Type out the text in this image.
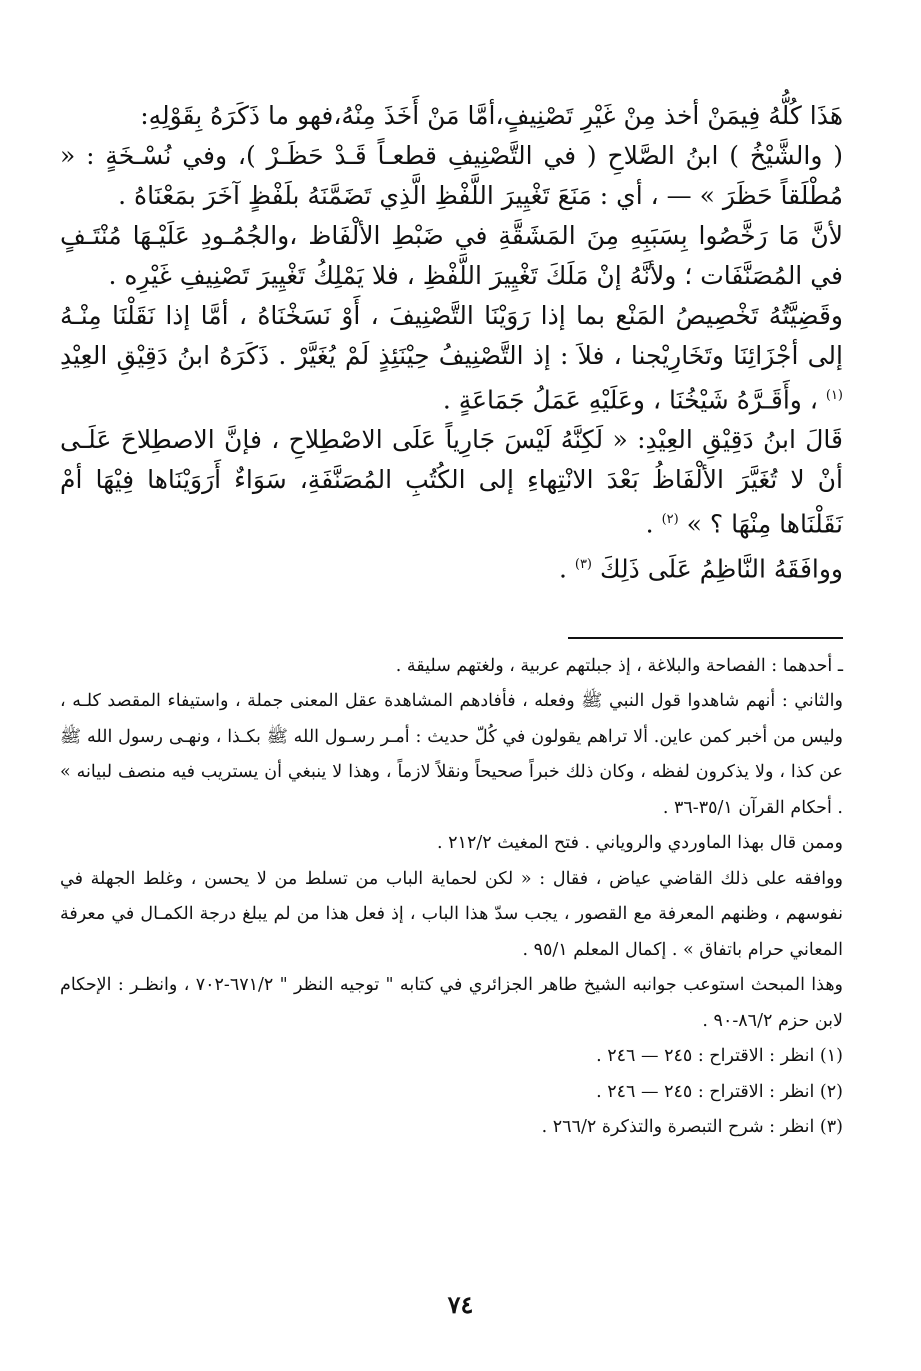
هَذَا كُلُّهُ فِيمَنْ أخذ مِنْ غَيْرِ تَصْنِيفٍ،أمَّا مَنْ أَخَذَ مِنْهُ،فهو ما ذَكَرَهُ بِقَوْلِهِ:

( والشَّيْخُ ) ابنُ الصَّلاحِ ( في التَّصْنِيفِ قطعـاً قَـدْ حَظَـرْ )، وفي نُسْـخَةٍ : « مُطْلَقاً حَظَرَ » — ، أي : مَنَعَ تَغْيِيرَ اللَّفْظِ الَّذِي تَضَمَّنَهُ بلَفْظٍ آخَرَ بمَعْنَاهُ .

لأنَّ مَا رَخَّصُوا بِسَبَبِهِ مِنَ المَشَقَّةِ في ضَبْطِ الألْفَاظ ،والجُمُـودِ عَلَيْـهَا مُنْتَـفٍ في المُصَنَّفَات ؛ ولأنَّهُ إنْ مَلَكَ تَغْيِيرَ اللَّفْظِ ، فلا يَمْلِكُ تَغْيِيرَ تَصْنِيفِ غَيْرِه .

وقَضِيَّتُهُ تَخْصِيصُ المَنْع بما إذا رَوَيْنَا التَّصْنِيفَ ، أَوْ نَسَخْنَاهُ ، أمَّا إذا نَقَلْنَا مِنْـهُ إلى أجْزَائِنَا وتَخَارِيْجنا ، فلاَ : إذ التَّصْنِيفُ حِيْنَئِذٍ لَمْ يُغَيَّرْ . ذَكَرَهُ ابنُ دَقِيْقِ العِيْدِ $^{(١)}$ ، وأَقَـرَّهُ شَيْخُنَا ، وعَلَيْهِ عَمَلُ جَمَاعَةٍ .

قَالَ ابنُ دَقِيْقِ العِيْدِ: « لَكِنَّهُ لَيْسَ جَارِياً عَلَى الاصْطِلاحِ ، فإنَّ الاصطِلاحَ عَلَـى أنْ لا تُغَيَّرَ الألْفَاظُ بَعْدَ الانْتِهاءِ إلى الكُتُبِ المُصَنَّفَةِ، سَوَاءٌ أَرَوَيْنَاها فِيْهَا أمْ نَقَلْنَاها مِنْهَا ؟ » $^{(٢)}$ .

ووافَقَهُ النَّاظِمُ عَلَى ذَلِكَ $^{(٣)}$ .

ـ أحدهما : الفصاحة والبلاغة ، إذ جبلتهم عربية ، ولغتهم سليقة .

والثاني : أنهم شاهدوا قول النبي ﷺ وفعله ، فأفادهم المشاهدة عقل المعنى جملة ، واستيفاء المقصد كلـه ، وليس من أخبر كمن عاين. ألا تراهم يقولون في كُلّ حديث : أمـر رسـول الله ﷺ بكـذا ، ونهـى رسول الله ﷺ عن كذا ، ولا يذكرون لفظه ، وكان ذلك خبراً صحيحاً ونقلاً لازماً ، وهذا لا ينبغي أن يستريب فيه منصف لبيانه » . أحكام القرآن ٣٥/١-٣٦ .

وممن قال بهذا الماوردي والروياني . فتح المغيث ٢١٢/٢ .

ووافقه على ذلك القاضي عياض ، فقال : « لكن لحماية الباب من تسلط من لا يحسن ، وغلط الجهلة في نفوسهم ، وظنهم المعرفة مع القصور ، يجب سدّ هذا الباب ، إذ فعل هذا من لم يبلغ درجة الكمـال في معرفة المعاني حرام باتفاق » . إكمال المعلم ٩٥/١ .

وهذا المبحث استوعب جوانبه الشيخ طاهر الجزائري في كتابه " توجيه النظر " ٦٧١/٢-٧٠٢ ، وانظـر : الإحكام لابن حزم ٨٦/٢-٩٠ .

(١) انظر : الاقتراح : ٢٤٥ — ٢٤٦ .

(٢) انظر : الاقتراح : ٢٤٥ — ٢٤٦ .

(٣) انظر : شرح التبصرة والتذكرة ٢٦٦/٢ .

٧٤
